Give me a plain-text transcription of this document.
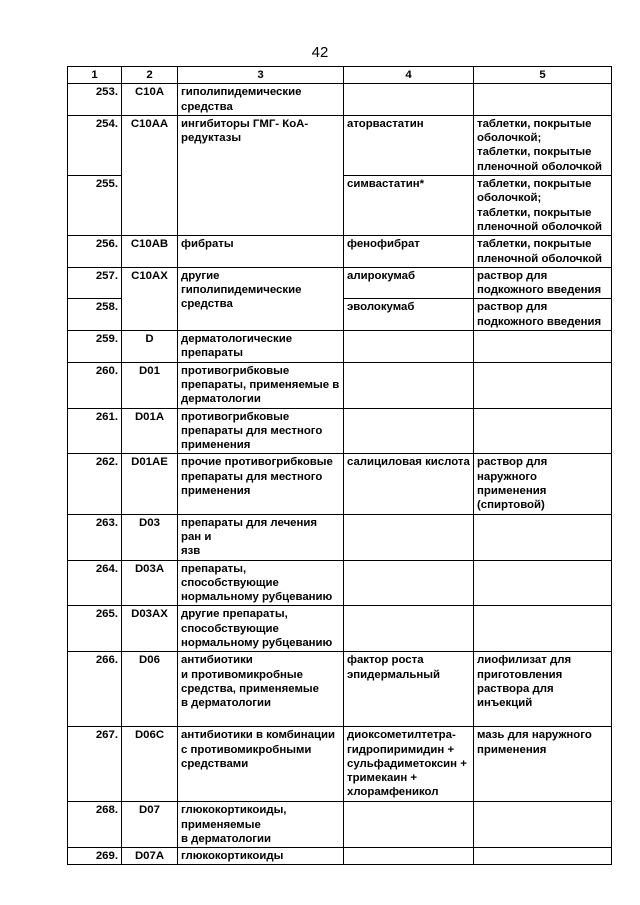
42
1	2	3	4	5
253.	C10A	гиполипидемические
средства		
254.	C10AA	ингибиторы ГМГ- КоА-
редуктазы	аторвастатин	таблетки, покрытые
оболочкой;
таблетки, покрытые
пленочной оболочкой
255.			симвастатин*	таблетки, покрытые
оболочкой;
таблетки, покрытые
пленочной оболочкой
256.	C10AB	фибраты	фенофибрат	таблетки, покрытые
пленочной оболочкой
257.	C10AX	другие гиполипидемические
средства	алирокумаб	раствор для
подкожного введения
258.			эволокумаб	раствор для
подкожного введения
259.	D	дерматологические
препараты		
260.	D01	противогрибковые
препараты, применяемые в
дерматологии		
261.	D01A	противогрибковые
препараты для местного
применения		
262.	D01AE	прочие противогрибковые
препараты для местного
применения	салициловая кислота	раствор для наружного
применения
(спиртовой)
263.	D03	препараты для лечения ран и
язв		
264.	D03A	препараты, способствующие
нормальному рубцеванию		
265.	D03AX	другие препараты,
способствующие
нормальному рубцеванию		
266.	D06	антибиотики
и противомикробные
средства, применяемые
в дерматологии	фактор роста
эпидермальный	лиофилизат для
приготовления
раствора для инъекций
267.	D06C	антибиотики в комбинации
с противомикробными
средствами	диоксометилтетра-
гидропиримидин +
сульфадиметоксин +
тримекаин +
хлорамфеникол	мазь для наружного
применения
268.	D07	глюкокортикоиды,
применяемые
в дерматологии		
269.	D07A	глюкокортикоиды		
